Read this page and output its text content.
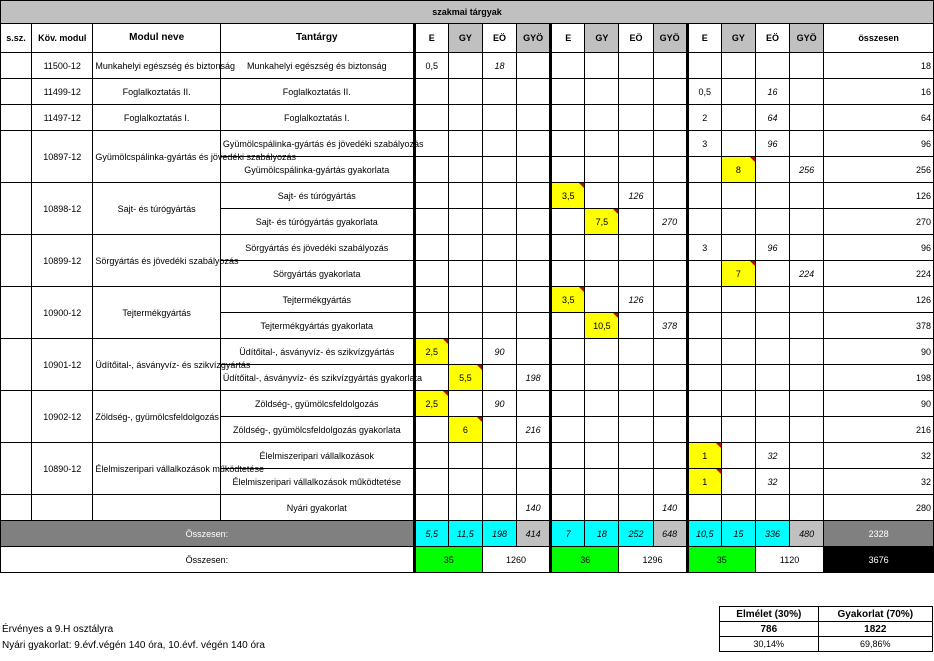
szakmai tárgyak																
s.sz.	Köv. modul	Modul neve	Tantárgy	E	GY	EÖ	GYÖ	E	GY	EÖ	GYÖ	E	GY	EÖ	GYÖ	összesen
	11500-12	Munkahelyi egészség és biztonság	Munkahelyi egészség és biztonság	0,5		18										18
	11499-12	Foglalkoztatás II.	Foglalkoztatás II.									0,5		16		16
	11497-12	Foglalkoztatás I.	Foglalkoztatás I.									2		64		64
	10897-12	Gyümölcspálinka-gyártás és jövedéki szabályozás	Gyümölcspálinka-gyártás és jövedéki szabályozás									3		96		96
			Gyümölcspálinka-gyártás gyakorlata										8		256	256
	10898-12	Sajt- és túrógyártás	Sajt- és túrógyártás					3,5		126						126
			Sajt- és túrógyártás gyakorlata						7,5		270					270
	10899-12	Sörgyártás és jövedéki szabályozás	Sörgyártás és jövedéki szabályozás									3		96		96
			Sörgyártás gyakorlata										7		224	224
	10900-12	Tejtermékgyártás	Tejtermékgyártás					3,5		126						126
			Tejtermékgyártás gyakorlata						10,5		378					378
	10901-12	Üdítőital-, ásványvíz- és szikvízgyártás	Üdítőital-, ásványvíz- és szikvízgyártás	2,5		90										90
			Üdítőital-, ásványvíz- és szikvízgyártás gyakorlata		5,5		198									198
	10902-12	Zöldség-, gyümölcsfeldolgozás	Zöldség-, gyümölcsfeldolgozás	2,5		90										90
			Zöldség-, gyümölcsfeldolgozás gyakorlata		6		216									216
	10890-12	Élelmiszeripari vállalkozások működtetése	Élelmiszeripari vállalkozások									1		32		32
			Élelmiszeripari vállalkozások működtetése									1		32		32
			Nyári gyakorlat				140				140					280
Összesen:				5,5	11,5	198	414	7	18	252	648	10,5	15	336	480	2328
Összesen:				35		1260		36		1296		35		1120		3676
Érvényes a 9.H osztályra
Nyári gyakorlat: 9.évf.végén 140 óra, 10.évf. végén 140 óra
Elmélet (30%)	Gyakorlat (70%)
786	1822
30,14%	69,86%
